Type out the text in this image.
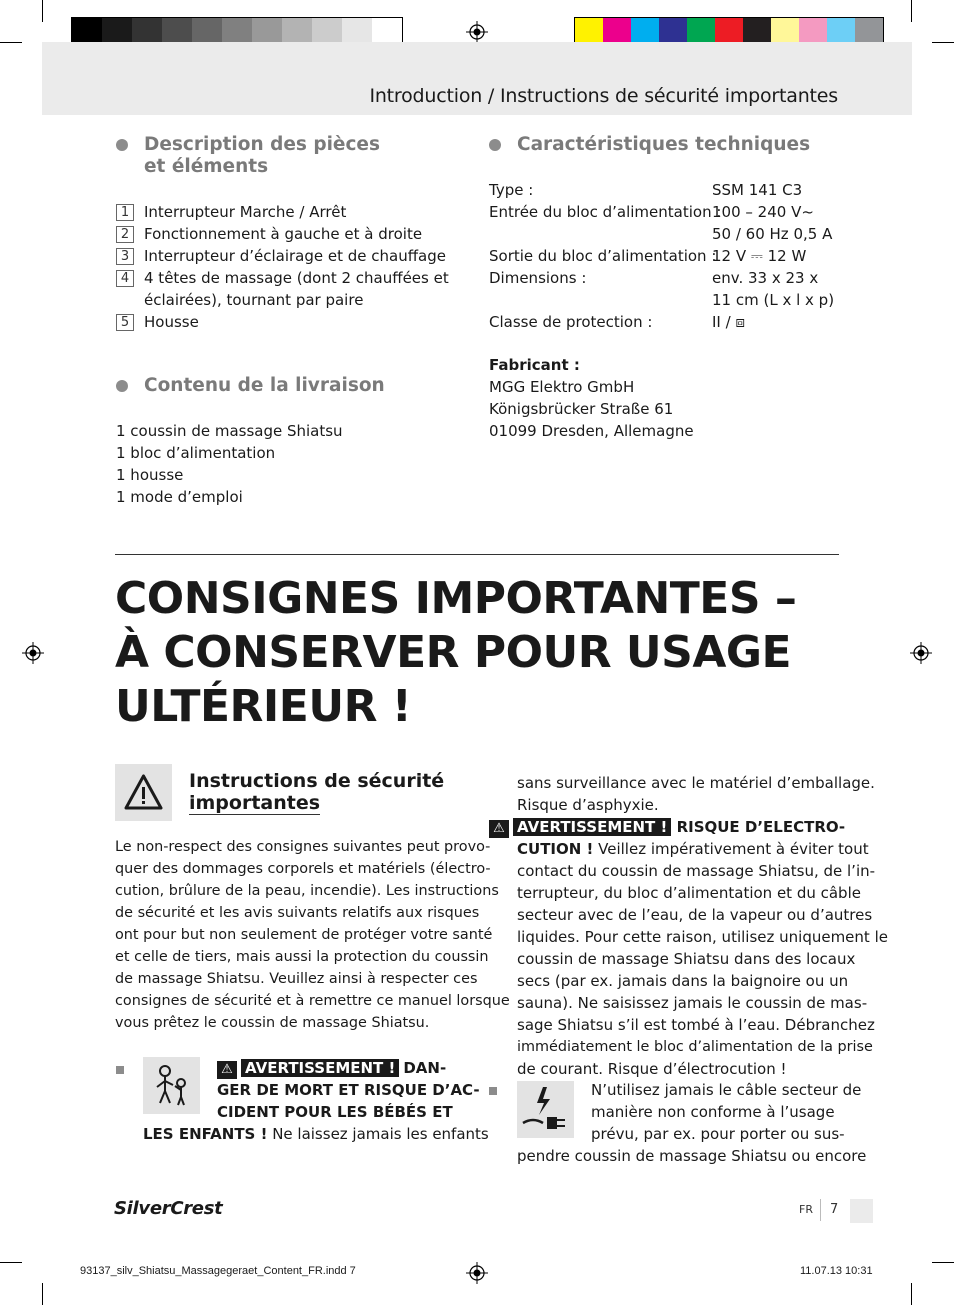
Introduction / Instructions de sécurité importantes
Description des pièces
et éléments
1 Interrupteur Marche / Arrêt
2 Fonctionnement à gauche et à droite
3 Interrupteur d’éclairage et de chauffage
4 4 têtes de massage (dont 2 chauffées et
éclairées), tournant par paire
5 Housse
Contenu de la livraison
1 coussin de massage Shiatsu
1 bloc d’alimentation
1 housse
1 mode d’emploi
Caractéristiques techniques
Type :	SSM 141 C3
Entrée du bloc d’alimentation :
100 – 240 V~
50 / 60 Hz 0,5 A
Sortie du bloc d’alimentation :
12 V ⎓ 12 W
Dimensions :	env. 33 x 23 x
11 cm (L x l x p)
Classe de protection :	II / ⧈
Fabricant :
MGG Elektro GmbH
Königsbrücker Straße 61
01099 Dresden, Allemagne
CONSIGNES IMPORTANTES –
À CONSERVER POUR USAGE
ULTÉRIEUR !
Instructions de sécurité
importantes
Le non-respect des consignes suivantes peut provo-
quer des dommages corporels et matériels (électro-
cution, brûlure de la peau, incendie). Les instructions
de sécurité et les avis suivants relatifs aux risques
ont pour but non seulement de protéger votre santé
et celle de tiers, mais aussi la protection du coussin
de massage Shiatsu. Veuillez ainsi à respecter ces
consignes de sécurité et à remettre ce manuel lorsque
vous prêtez le coussin de massage Shiatsu.
⚠ AVERTISSEMENT ! DAN-
GER DE MORT ET RISQUE D’AC-
CIDENT POUR LES BÉBÉS ET
LES ENFANTS ! Ne laissez jamais les enfants
sans surveillance avec le matériel d’emballage.
Risque d’asphyxie.
⚠ AVERTISSEMENT ! RISQUE D’ELECTRO-
CUTION ! Veillez impérativement à éviter tout
contact du coussin de massage Shiatsu, de l’in-
terrupteur, du bloc d’alimentation et du câble
secteur avec de l’eau, de la vapeur ou d’autres
liquides. Pour cette raison, utilisez uniquement le
coussin de massage Shiatsu dans des locaux
secs (par ex. jamais dans la baignoire ou un
sauna). Ne saisissez jamais le coussin de mas-
sage Shiatsu s’il est tombé à l’eau. Débranchez
immédiatement le bloc d’alimentation de la prise
de courant. Risque d’électrocution !
N’utilisez jamais le câble secteur de
manière non conforme à l’usage
prévu, par ex. pour porter ou sus-
pendre coussin de massage Shiatsu ou encore
SilverCrest	FR 7
93137_silv_Shiatsu_Massagegeraet_Content_FR.indd 7	11.07.13 10:31
